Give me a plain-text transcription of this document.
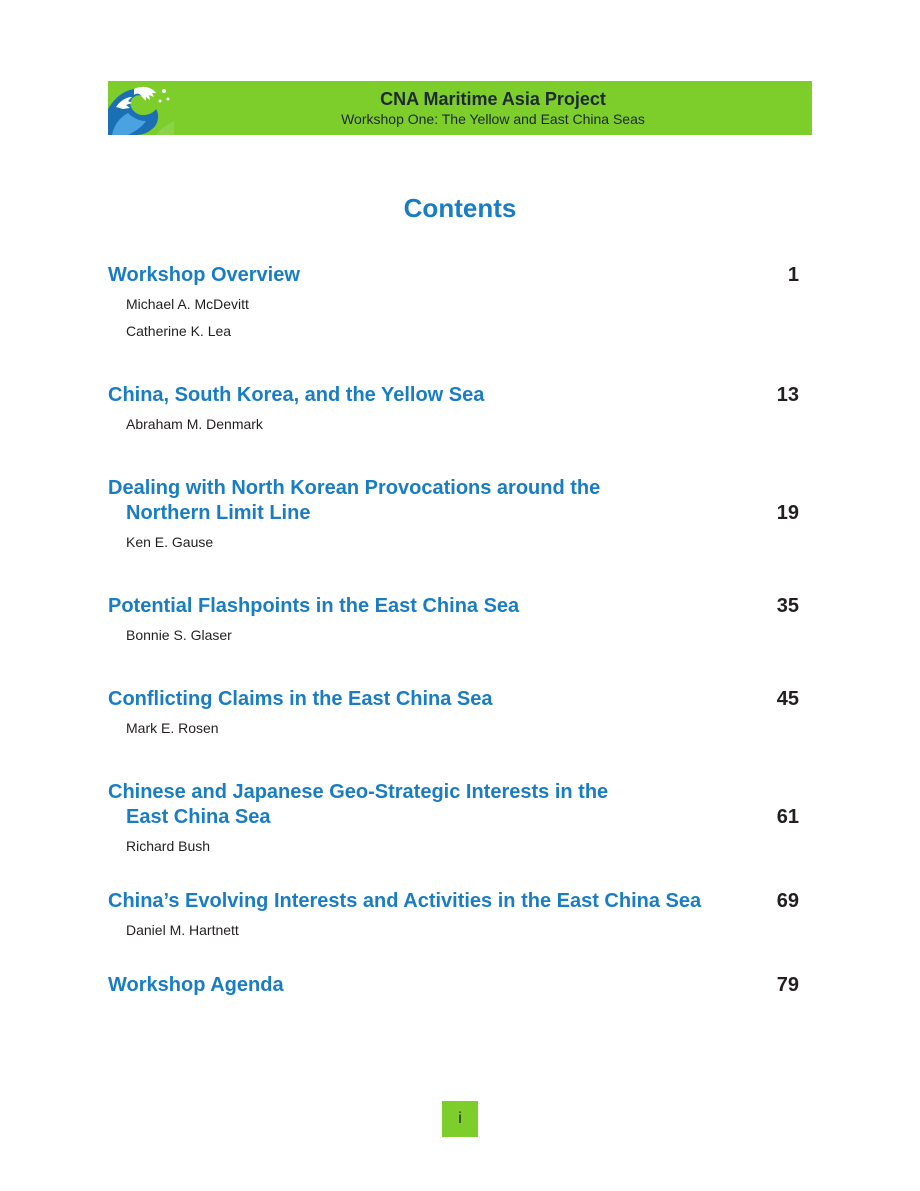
CNA Maritime Asia Project
Workshop One: The Yellow and East China Seas
Contents
1
Workshop Overview
Michael A. McDevitt
Catherine K. Lea
13
China, South Korea, and the Yellow Sea
Abraham M. Denmark
19
Dealing with North Korean Provocations around the
Northern Limit Line
Ken E. Gause
35
Potential Flashpoints in the East China Sea
Bonnie S. Glaser
45
Conflicting Claims in the East China Sea
Mark E. Rosen
61
Chinese and Japanese Geo-Strategic Interests in the
East China Sea
Richard Bush
69
China’s Evolving Interests and Activities in the East China Sea
Daniel M. Hartnett
79
Workshop Agenda
i
